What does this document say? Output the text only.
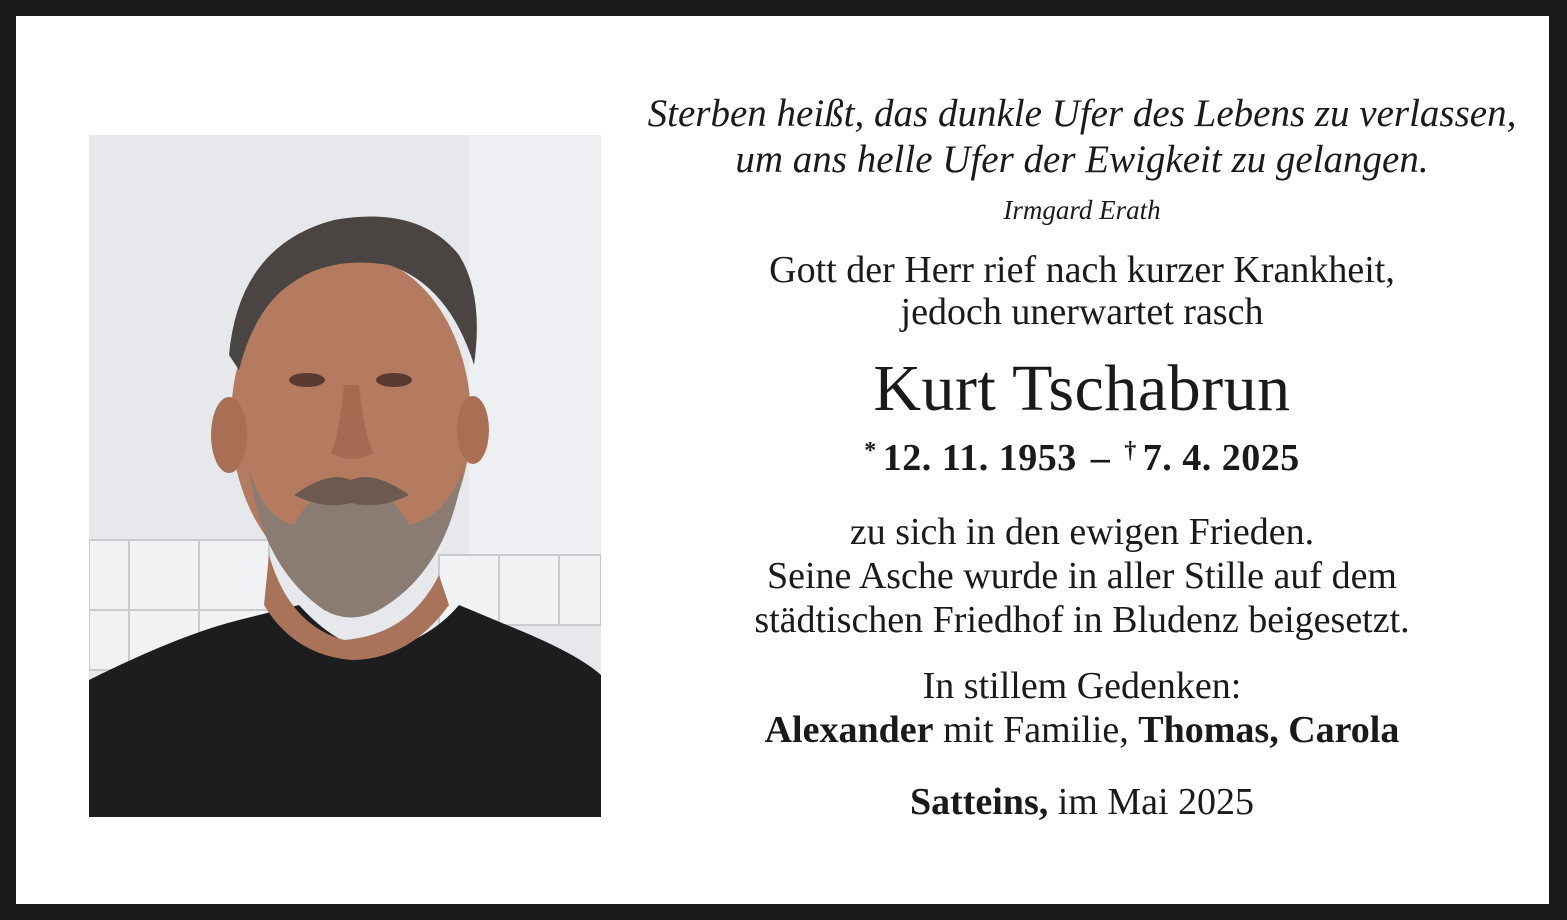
Sterben heißt, das dunkle Ufer des Lebens zu verlassen,
um ans helle Ufer der Ewigkeit zu gelangen.
Irmgard Erath
Gott der Herr rief nach kurzer Krankheit,
jedoch unerwartet rasch
Kurt Tschabrun
* 12. 11. 1953 – † 7. 4. 2025
zu sich in den ewigen Frieden.
Seine Asche wurde in aller Stille auf dem
städtischen Friedhof in Bludenz beigesetzt.
In stillem Gedenken:
Alexander mit Familie, Thomas, Carola
Satteins, im Mai 2025
